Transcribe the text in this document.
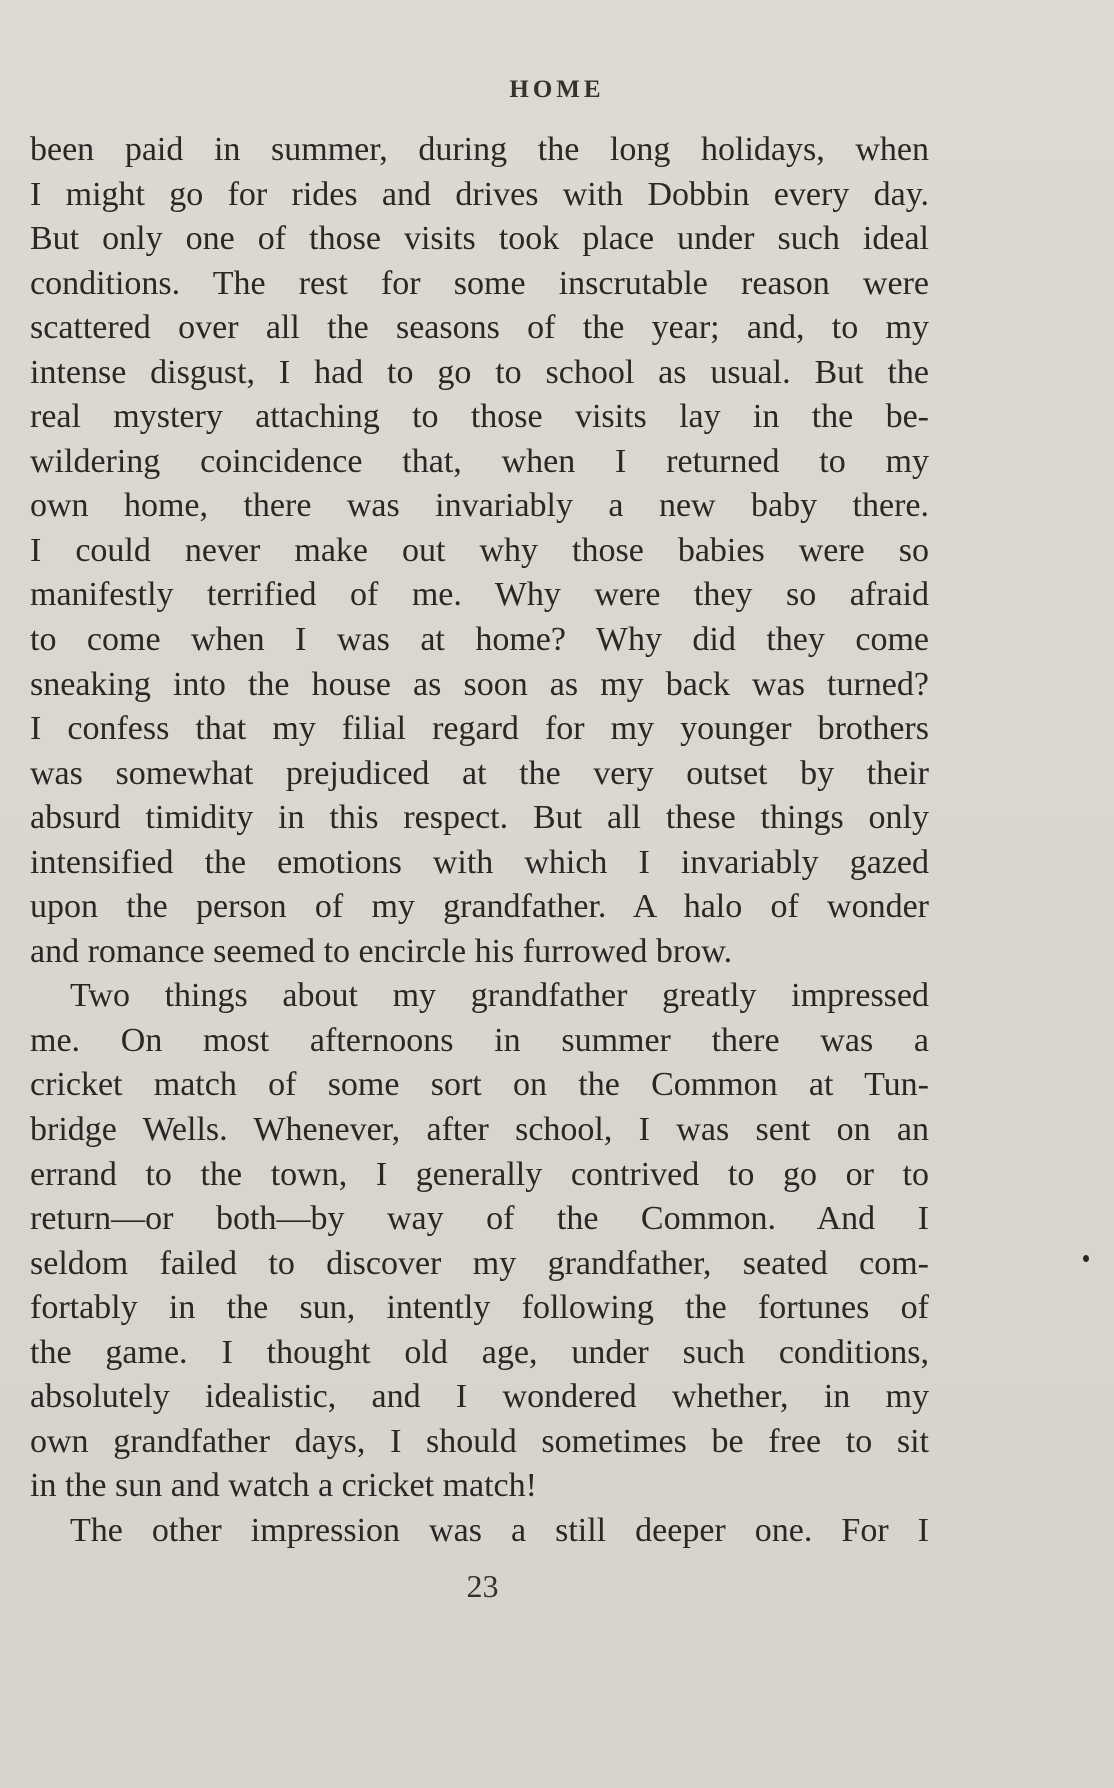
HOME
been paid in summer, during the long holidays, when
I might go for rides and drives with Dobbin every day.
But only one of those visits took place under such ideal
conditions. The rest for some inscrutable reason were
scattered over all the seasons of the year; and, to my
intense disgust, I had to go to school as usual. But the
real mystery attaching to those visits lay in the be-
wildering coincidence that, when I returned to my
own home, there was invariably a new baby there.
I could never make out why those babies were so
manifestly terrified of me. Why were they so afraid
to come when I was at home? Why did they come
sneaking into the house as soon as my back was turned?
I confess that my filial regard for my younger brothers
was somewhat prejudiced at the very outset by their
absurd timidity in this respect. But all these things only
intensified the emotions with which I invariably gazed
upon the person of my grandfather. A halo of wonder
and romance seemed to encircle his furrowed brow.
Two things about my grandfather greatly impressed
me. On most afternoons in summer there was a
cricket match of some sort on the Common at Tun-
bridge Wells. Whenever, after school, I was sent on an
errand to the town, I generally contrived to go or to
return—or both—by way of the Common. And I
seldom failed to discover my grandfather, seated com-
fortably in the sun, intently following the fortunes of
the game. I thought old age, under such conditions,
absolutely idealistic, and I wondered whether, in my
own grandfather days, I should sometimes be free to sit
in the sun and watch a cricket match!
The other impression was a still deeper one. For I
23
